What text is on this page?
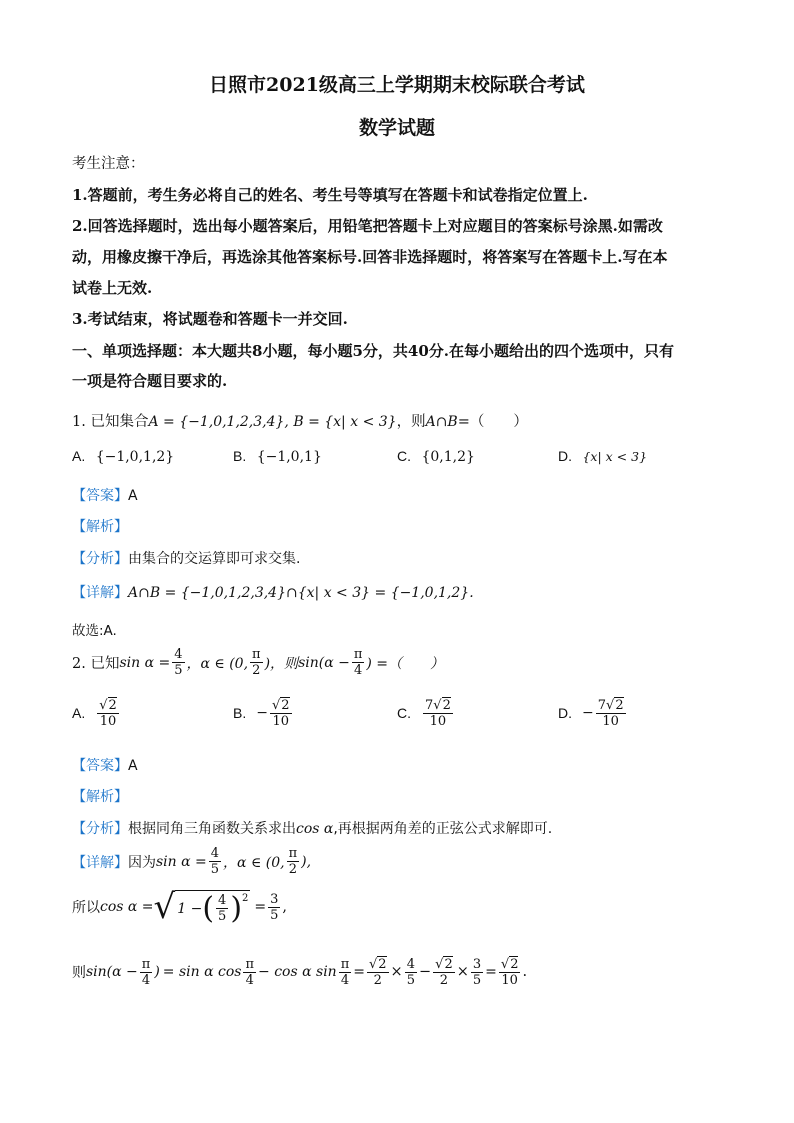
日照市2021级高三上学期期末校际联合考试
数学试题
考生注意：
1.答题前，考生务必将自己的姓名、考生号等填写在答题卡和试卷指定位置上.
2.回答选择题时，选出每小题答案后，用铅笔把答题卡上对应题目的答案标号涂黑.如需改
动，用橡皮擦干净后，再选涂其他答案标号.回答非选择题时，将答案写在答题卡上.写在本
试卷上无效.
3.考试结束，将试题卷和答题卡一并交回.
一、单项选择题：本大题共8小题，每小题5分，共40分.在每小题给出的四个选项中，只有
一项是符合题目要求的.
1. 已知集合A = {−1,0,1,2,3,4}, B = {x| x < 3}，则A∩B=（　　）
A. {−1,0,1,2}	B. {−1,0,1}	C. {0,1,2}	D. {x| x < 3}
【答案】A
【解析】
【分析】由集合的交运算即可求交集.
【详解】A∩B = {−1,0,1,2,3,4}∩{x| x < 3} = {−1,0,1,2}.
故选:A.
2. 已知 $\sin \alpha = \frac{4}{5}$ ，α ∈ (0, $\frac{\pi}{2}$ )，则 $\sin(\alpha - \frac{\pi}{4}$ ) =（　　）
A. $\frac{√2}{10}$	B. − $\frac{√2}{10}$	C. $\frac{7√2}{10}$	D. − $\frac{7√2}{10}$
【答案】A
【解析】
【分析】根据同角三角函数关系求出cos α,再根据两角差的正弦公式求解即可.
【详解】 因为 $\sin \alpha = \frac{4}{5}$ ，α ∈ (0, $\frac{\pi}{2}$ ),
所以 cos α = √ 1 − ( $\frac{4}{5} )^2$
= $\frac{3}{5}$ ,
则 $\sin(\alpha - \frac{\pi}{4}$ ) = sin α $\cos \frac{\pi}{4} - \cos \alpha$ $\sin \frac{\pi}{4} = \frac{√2}{2} \times \frac{4}{5} - \frac{√2}{2} \times \frac{3}{5} = \frac{√2}{10}$ .
